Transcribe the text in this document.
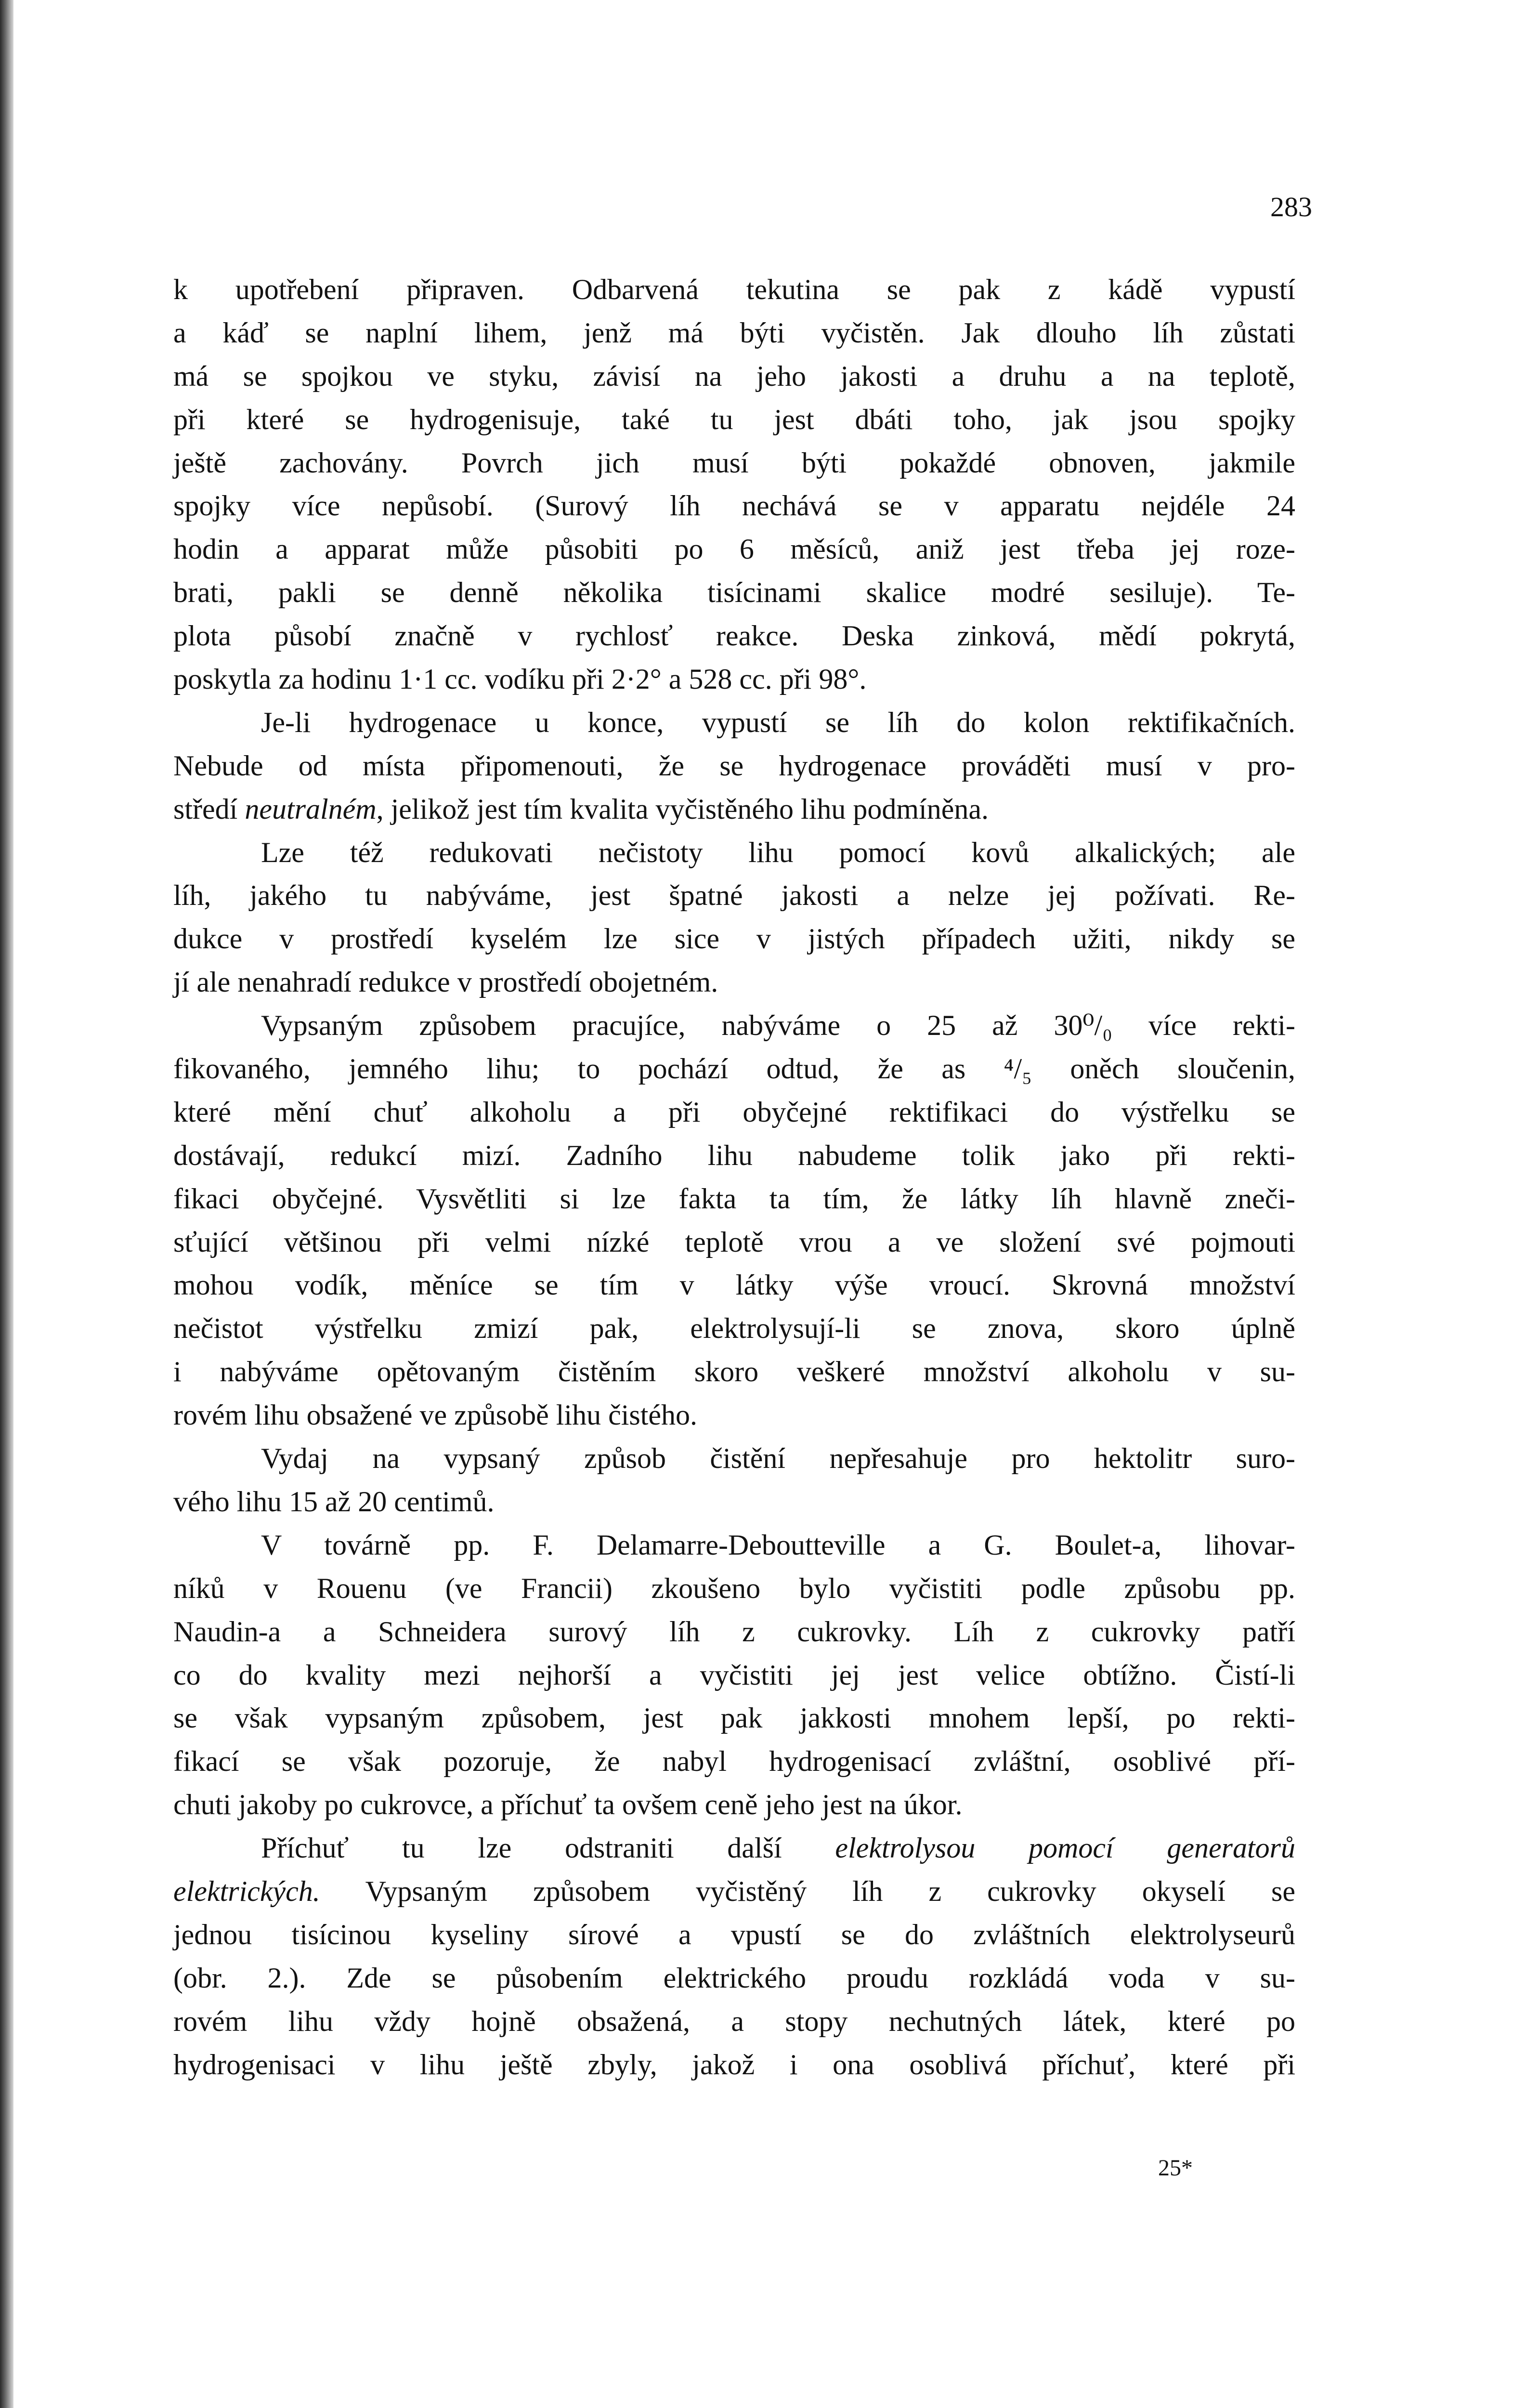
283
k upotřebení připraven. Odbarvená tekutina se pak z kádě vypustí
a káď se naplní lihem, jenž má býti vyčistěn. Jak dlouho líh zůstati
má se spojkou ve styku, závisí na jeho jakosti a druhu a na teplotě,
při které se hydrogenisuje, také tu jest dbáti toho, jak jsou spojky
ještě zachovány. Povrch jich musí býti pokaždé obnoven, jakmile
spojky více nepůsobí. (Surový líh nechává se v apparatu nejdéle 24
hodin a apparat může působiti po 6 měsíců, aniž jest třeba jej roze-
brati, pakli se denně několika tisícinami skalice modré sesiluje). Te-
plota působí značně v rychlosť reakce. Deska zinková, mědí pokrytá,
poskytla za hodinu 1·1 cc. vodíku při 2·2° a 528 cc. při 98°.
Je-li hydrogenace u konce, vypustí se líh do kolon rektifikačních.
Nebude od místa připomenouti, že se hydrogenace prováděti musí v pro-
středí neutralném, jelikož jest tím kvalita vyčistěného lihu podmíněna.
Lze též redukovati nečistoty lihu pomocí kovů alkalických; ale
líh, jakého tu nabýváme, jest špatné jakosti a nelze jej požívati. Re-
dukce v prostředí kyselém lze sice v jistých případech užiti, nikdy se
jí ale nenahradí redukce v prostředí obojetném.
Vypsaným způsobem pracujíce, nabýváme o 25 až 30⁰/₀ více rekti-
fikovaného, jemného lihu; to pochází odtud, že as ⁴/₅ oněch sloučenin,
které mění chuť alkoholu a při obyčejné rektifikaci do výstřelku se
dostávají, redukcí mizí. Zadního lihu nabudeme tolik jako při rekti-
fikaci obyčejné. Vysvětliti si lze fakta ta tím, že látky líh hlavně zneči-
sťující většinou při velmi nízké teplotě vrou a ve složení své pojmouti
mohou vodík, měníce se tím v látky výše vroucí. Skrovná množství
nečistot výstřelku zmizí pak, elektrolysují-li se znova, skoro úplně
i nabýváme opětovaným čistěním skoro veškeré množství alkoholu v su-
rovém lihu obsažené ve způsobě lihu čistého.
Vydaj na vypsaný způsob čistění nepřesahuje pro hektolitr suro-
vého lihu 15 až 20 centimů.
V továrně pp. F. Delamarre-Deboutteville a G. Boulet-a, lihovar-
níků v Rouenu (ve Francii) zkoušeno bylo vyčistiti podle způsobu pp.
Naudin-a a Schneidera surový líh z cukrovky. Líh z cukrovky patří
co do kvality mezi nejhorší a vyčistiti jej jest velice obtížno. Čistí-li
se však vypsaným způsobem, jest pak jakkosti mnohem lepší, po rekti-
fikací se však pozoruje, že nabyl hydrogenisací zvláštní, osoblivé pří-
chuti jakoby po cukrovce, a příchuť ta ovšem ceně jeho jest na úkor.
Příchuť tu lze odstraniti další elektrolysou pomocí generatorů
elektrických. Vypsaným způsobem vyčistěný líh z cukrovky okyselí se
jednou tisícinou kyseliny sírové a vpustí se do zvláštních elektrolyseurů
(obr. 2.). Zde se působením elektrického proudu rozkládá voda v su-
rovém lihu vždy hojně obsažená, a stopy nechutných látek, které po
hydrogenisaci v lihu ještě zbyly, jakož i ona osoblivá příchuť, které při
25*
